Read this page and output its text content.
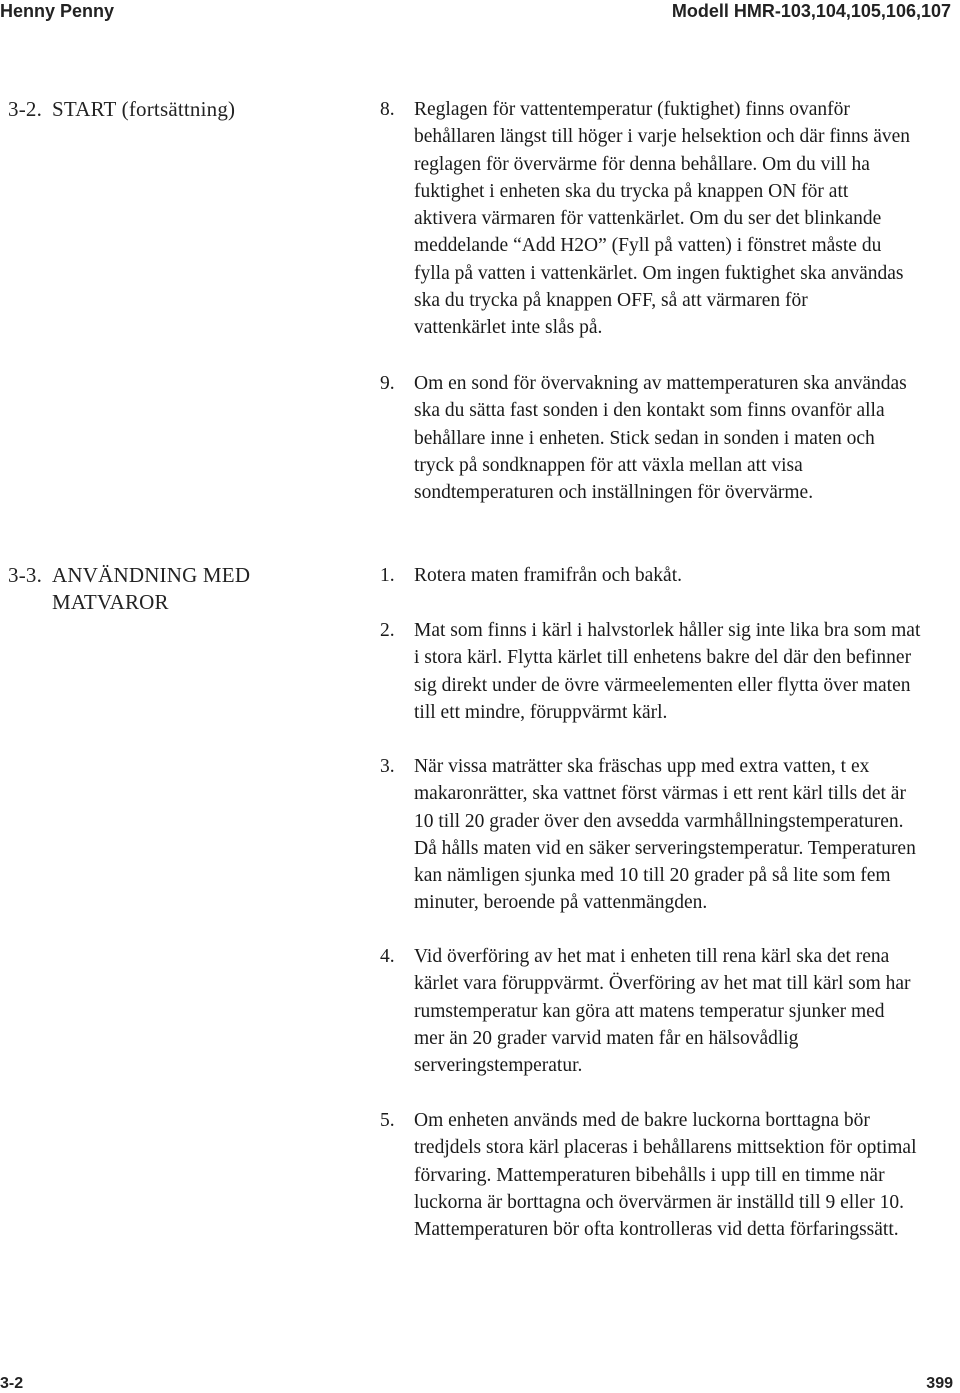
Henny Penny	Modell HMR-103,104,105,106,107
3-2. START (fortsättning)	8. Reglagen för vattentemperatur (fuktighet) finns ovanför
behållaren längst till höger i varje helsektion och där finns även
reglagen för övervärme för denna behållare. Om du vill ha
fuktighet i enheten ska du trycka på knappen ON för att
aktivera värmaren för vattenkärlet. Om du ser det blinkande
meddelande “Add H2O” (Fyll på vatten) i fönstret måste du
fylla på vatten i vattenkärlet. Om ingen fuktighet ska användas
ska du trycka på knappen OFF, så att värmaren för
vattenkärlet inte slås på.
9. Om en sond för övervakning av mattemperaturen ska användas
ska du sätta fast sonden i den kontakt som finns ovanför alla
behållare inne i enheten. Stick sedan in sonden i maten och
tryck på sondknappen för att växla mellan att visa
sondtemperaturen och inställningen för övervärme.
3-3. ANVÄNDNING MED
MATVAROR
1. Rotera maten framifrån och bakåt.
2. Mat som finns i kärl i halvstorlek håller sig inte lika bra som mat
i stora kärl. Flytta kärlet till enhetens bakre del där den befinner
sig direkt under de övre värmeelementen eller flytta över maten
till ett mindre, föruppvärmt kärl.
3. När vissa maträtter ska fräschas upp med extra vatten, t ex
makaronrätter, ska vattnet först värmas i ett rent kärl tills det är
10 till 20 grader över den avsedda varmhållningstemperaturen.
Då hålls maten vid en säker serveringstemperatur. Temperaturen
kan nämligen sjunka med 10 till 20 grader på så lite som fem
minuter, beroende på vattenmängden.
4. Vid överföring av het mat i enheten till rena kärl ska det rena
kärlet vara föruppvärmt. Överföring av het mat till kärl som har
rumstemperatur kan göra att matens temperatur sjunker med
mer än 20 grader varvid maten får en hälsovådlig
serveringstemperatur.
5. Om enheten används med de bakre luckorna borttagna bör
tredjdels stora kärl placeras i behållarens mittsektion för optimal
förvaring. Mattemperaturen bibehålls i upp till en timme när
luckorna är borttagna och övervärmen är inställd till 9 eller 10.
Mattemperaturen bör ofta kontrolleras vid detta förfaringssätt.
3-2	399
